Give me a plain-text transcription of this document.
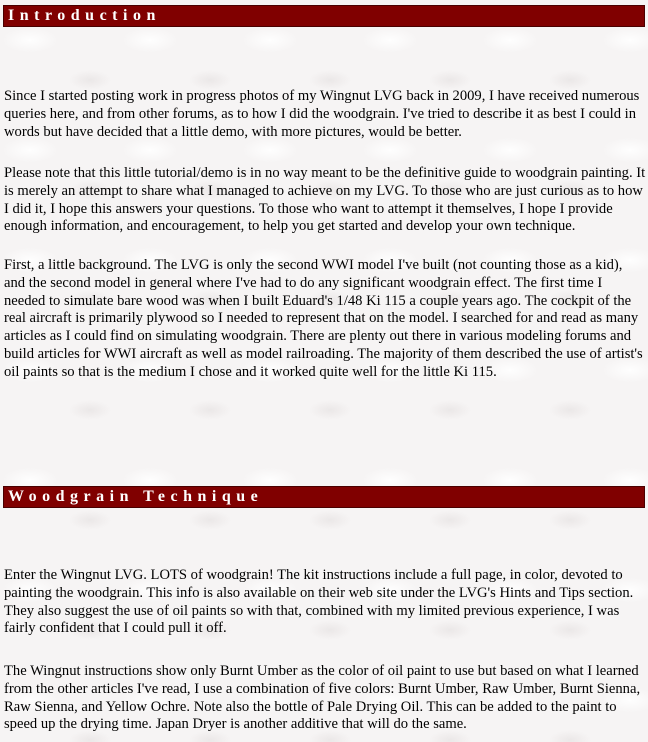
Introduction

Since I started posting work in progress photos of my Wingnut LVG back in 2009, I have received numerous queries here, and from other forums, as to how I did the woodgrain. I've tried to describe it as best I could in words but have decided that a little demo, with more pictures, would be better.

Please note that this little tutorial/demo is in no way meant to be the definitive guide to woodgrain painting. It is merely an attempt to share what I managed to achieve on my LVG. To those who are just curious as to how I did it, I hope this answers your questions. To those who want to attempt it themselves, I hope I provide enough information, and encouragement, to help you get started and develop your own technique.

First, a little background. The LVG is only the second WWI model I've built (not counting those as a kid), and the second model in general where I've had to do any significant woodgrain effect. The first time I needed to simulate bare wood was when I built Eduard's 1/48 Ki 115 a couple years ago. The cockpit of the real aircraft is primarily plywood so I needed to represent that on the model. I searched for and read as many articles as I could find on simulating woodgrain. There are plenty out there in various modeling forums and build articles for WWI aircraft as well as model railroading. The majority of them described the use of artist's oil paints so that is the medium I chose and it worked quite well for the little Ki 115.

Woodgrain Technique

Enter the Wingnut LVG. LOTS of woodgrain! The kit instructions include a full page, in color, devoted to painting the woodgrain. This info is also available on their web site under the LVG's Hints and Tips section. They also suggest the use of oil paints so with that, combined with my limited previous experience, I was fairly confident that I could pull it off.

The Wingnut instructions show only Burnt Umber as the color of oil paint to use but based on what I learned from the other articles I've read, I use a combination of five colors: Burnt Umber, Raw Umber, Burnt Sienna, Raw Sienna, and Yellow Ochre. Note also the bottle of Pale Drying Oil. This can be added to the paint to speed up the drying time. Japan Dryer is another additive that will do the same.
